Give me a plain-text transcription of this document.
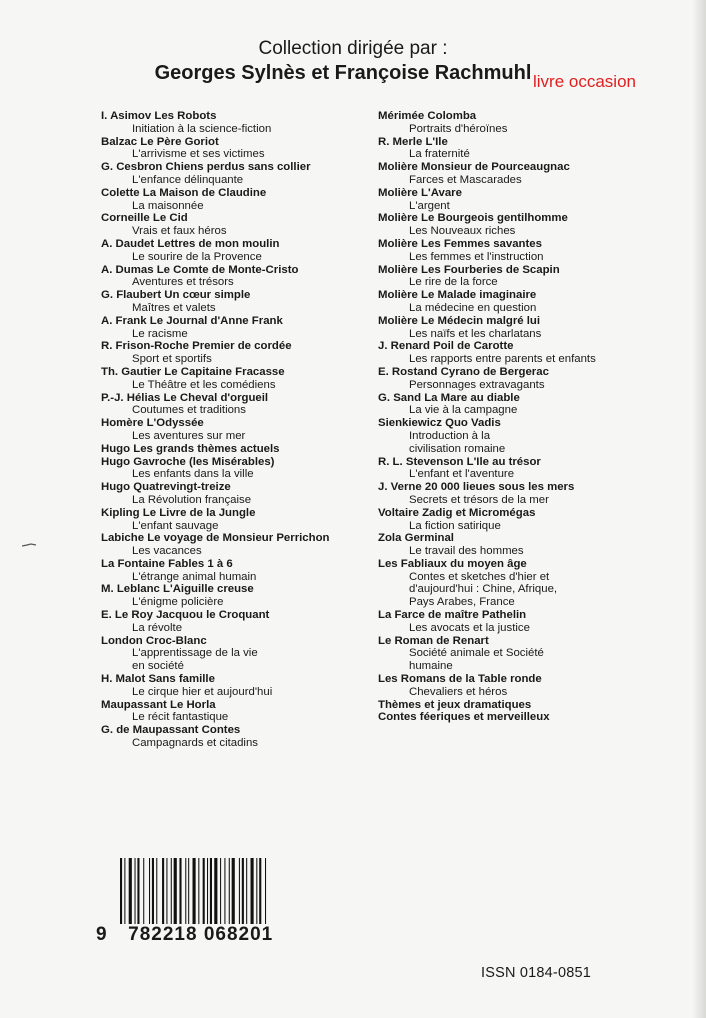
Collection dirigée par :
Georges Sylnès et Françoise Rachmuhl livre occasion
I. Asimov Les Robots
Initiation à la science-fiction
Balzac Le Père Goriot
L'arrivisme et ses victimes
G. Cesbron Chiens perdus sans collier
L'enfance délinquante
Colette La Maison de Claudine
La maisonnée
Corneille Le Cid
Vrais et faux héros
A. Daudet Lettres de mon moulin
Le sourire de la Provence
A. Dumas Le Comte de Monte-Cristo
Aventures et trésors
G. Flaubert Un cœur simple
Maîtres et valets
A. Frank Le Journal d'Anne Frank
Le racisme
R. Frison-Roche Premier de cordée
Sport et sportifs
Th. Gautier Le Capitaine Fracasse
Le Théâtre et les comédiens
P.-J. Hélias Le Cheval d'orgueil
Coutumes et traditions
Homère L'Odyssée
Les aventures sur mer
Hugo Les grands thèmes actuels
Hugo Gavroche (les Misérables)
Les enfants dans la ville
Hugo Quatrevingt-treize
La Révolution française
Kipling Le Livre de la Jungle
L'enfant sauvage
Labiche Le voyage de Monsieur Perrichon
Les vacances
La Fontaine Fables 1 à 6
L'étrange animal humain
M. Leblanc L'Aiguille creuse
L'énigme policière
E. Le Roy Jacquou le Croquant
La révolte
London Croc-Blanc
L'apprentissage de la vie
en société
H. Malot Sans famille
Le cirque hier et aujourd'hui
Maupassant Le Horla
Le récit fantastique
G. de Maupassant Contes
Campagnards et citadins
Mérimée Colomba
Portraits d'héroïnes
R. Merle L'Ile
La fraternité
Molière Monsieur de Pourceaugnac
Farces et Mascarades
Molière L'Avare
L'argent
Molière Le Bourgeois gentilhomme
Les Nouveaux riches
Molière Les Femmes savantes
Les femmes et l'instruction
Molière Les Fourberies de Scapin
Le rire de la force
Molière Le Malade imaginaire
La médecine en question
Molière Le Médecin malgré lui
Les naïfs et les charlatans
J. Renard Poil de Carotte
Les rapports entre parents et enfants
E. Rostand Cyrano de Bergerac
Personnages extravagants
G. Sand La Mare au diable
La vie à la campagne
Sienkiewicz Quo Vadis
Introduction à la
civilisation romaine
R. L. Stevenson L'Ile au trésor
L'enfant et l'aventure
J. Verne 20 000 lieues sous les mers
Secrets et trésors de la mer
Voltaire Zadig et Micromégas
La fiction satirique
Zola Germinal
Le travail des hommes
Les Fabliaux du moyen âge
Contes et sketches d'hier et
d'aujourd'hui : Chine, Afrique,
Pays Arabes, France
La Farce de maître Pathelin
Les avocats et la justice
Le Roman de Renart
Société animale et Société
humaine
Les Romans de la Table ronde
Chevaliers et héros
Thèmes et jeux dramatiques
Contes féeriques et merveilleux
9 782218 068201
ISSN 0184-0851
